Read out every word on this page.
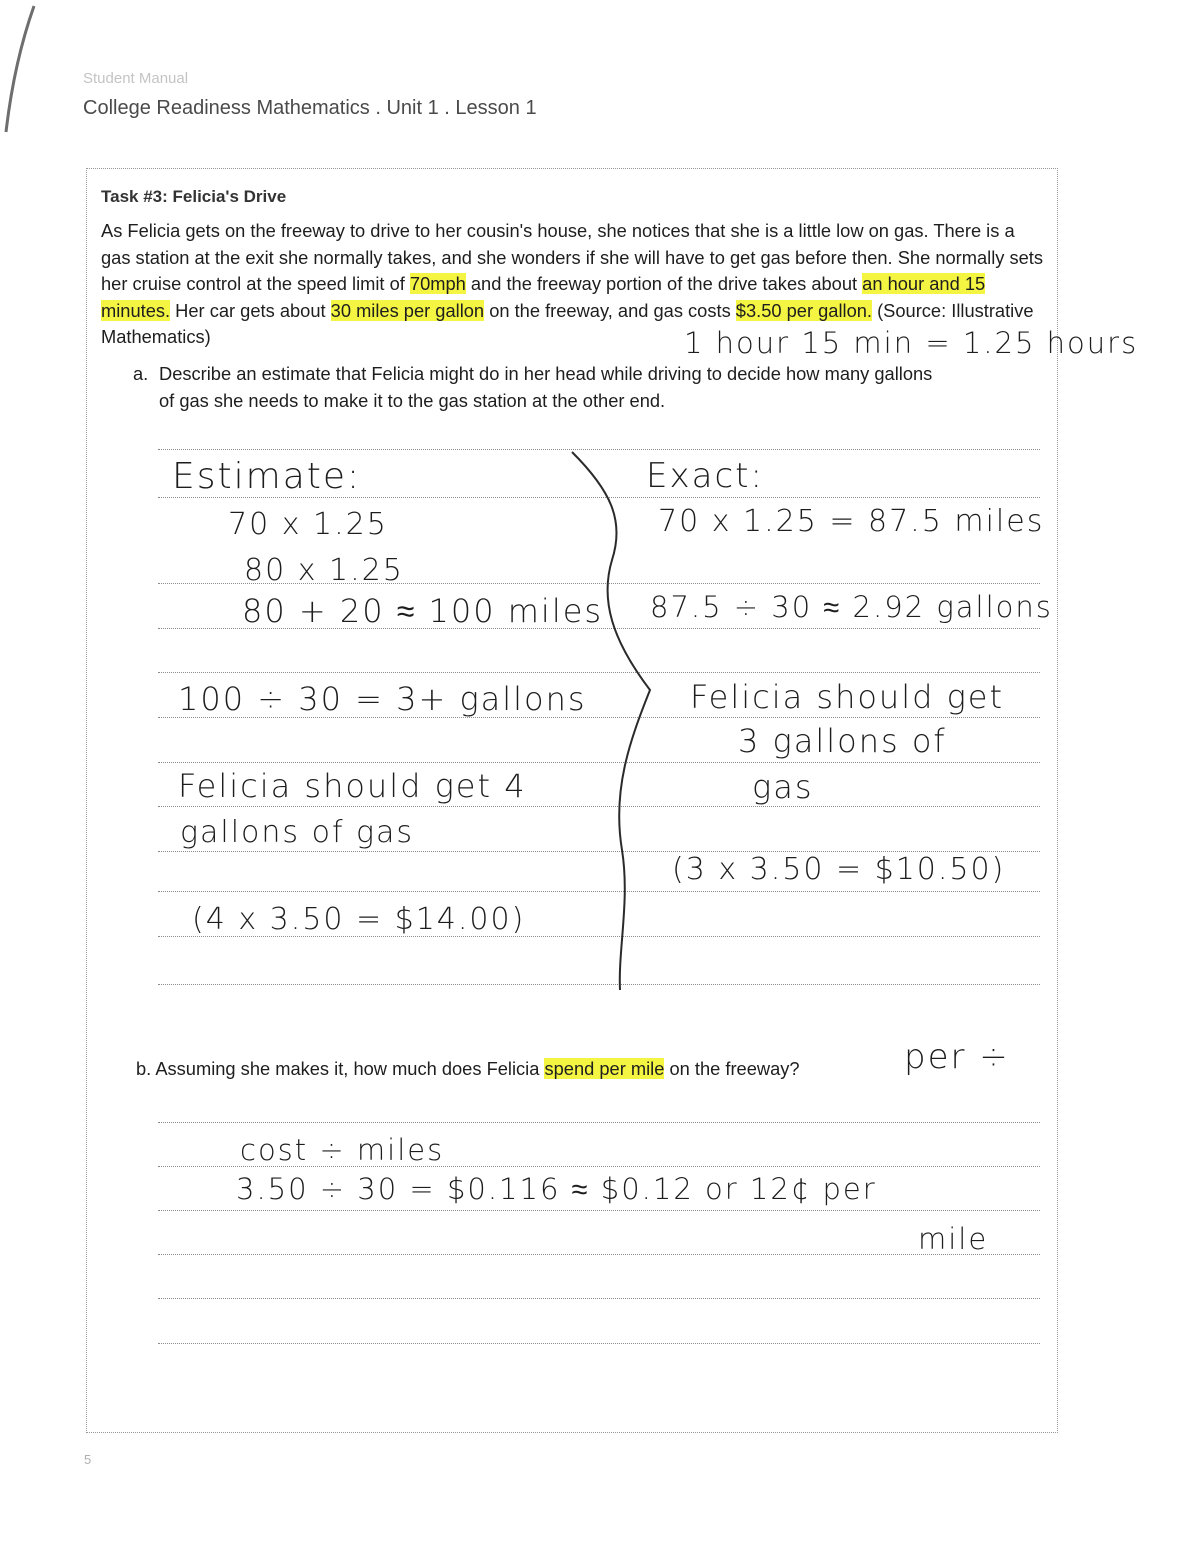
Student Manual
College Readiness Mathematics . Unit 1 . Lesson 1
Task #3: Felicia's Drive
As Felicia gets on the freeway to drive to her cousin's house, she notices that she is a little low on gas. There is a gas station at the exit she normally takes, and she wonders if she will have to get gas before then. She normally sets her cruise control at the speed limit of 70mph and the freeway portion of the drive takes about an hour and 15 minutes. Her car gets about 30 miles per gallon on the freeway, and gas costs $3.50 per gallon. (Source: Illustrative Mathematics)
a. Describe an estimate that Felicia might do in her head while driving to decide how many gallons
of gas she needs to make it to the gas station at the other end.
b. Assuming she makes it, how much does Felicia spend per mile on the freeway?
1 hour 15 min = 1.25 hours
Estimate:
70 x 1.25
80 x 1.25
80 + 20 ≈ 100 miles
100 ÷ 30 = 3+ gallons
Felicia should get 4
gallons of gas
(4 x 3.50 = $14.00)
Exact:
70 x 1.25 = 87.5 miles
87.5 ÷ 30 ≈ 2.92 gallons
Felicia should get
3 gallons of
gas
(3 x 3.50 = $10.50)
per ÷
cost ÷ miles
3.50 ÷ 30 = $0.116 ≈ $0.12 or 12¢ per
mile
5
